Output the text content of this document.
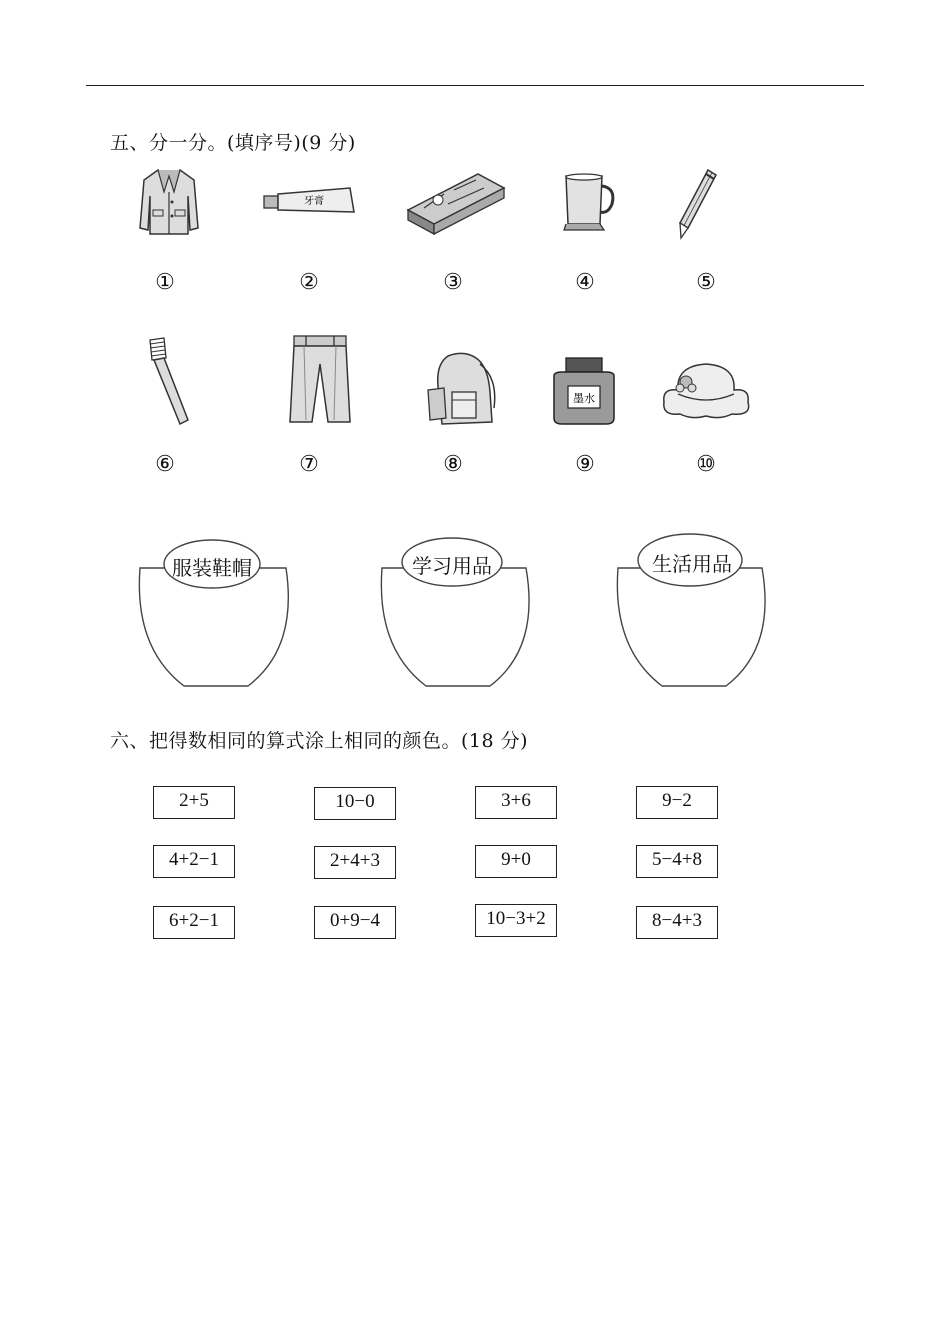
五、分一分。(填序号)(9 分)
牙膏
①	②	③	④	⑤
墨水
⑥	⑦	⑧	⑨	⑩
服装鞋帽	学习用品	生活用品
六、把得数相同的算式涂上相同的颜色。(18 分)
2+5	10−0	3+6	9−2
4+2−1	2+4+3	9+0	5−4+8
6+2−1	0+9−4	10−3+2	8−4+3
